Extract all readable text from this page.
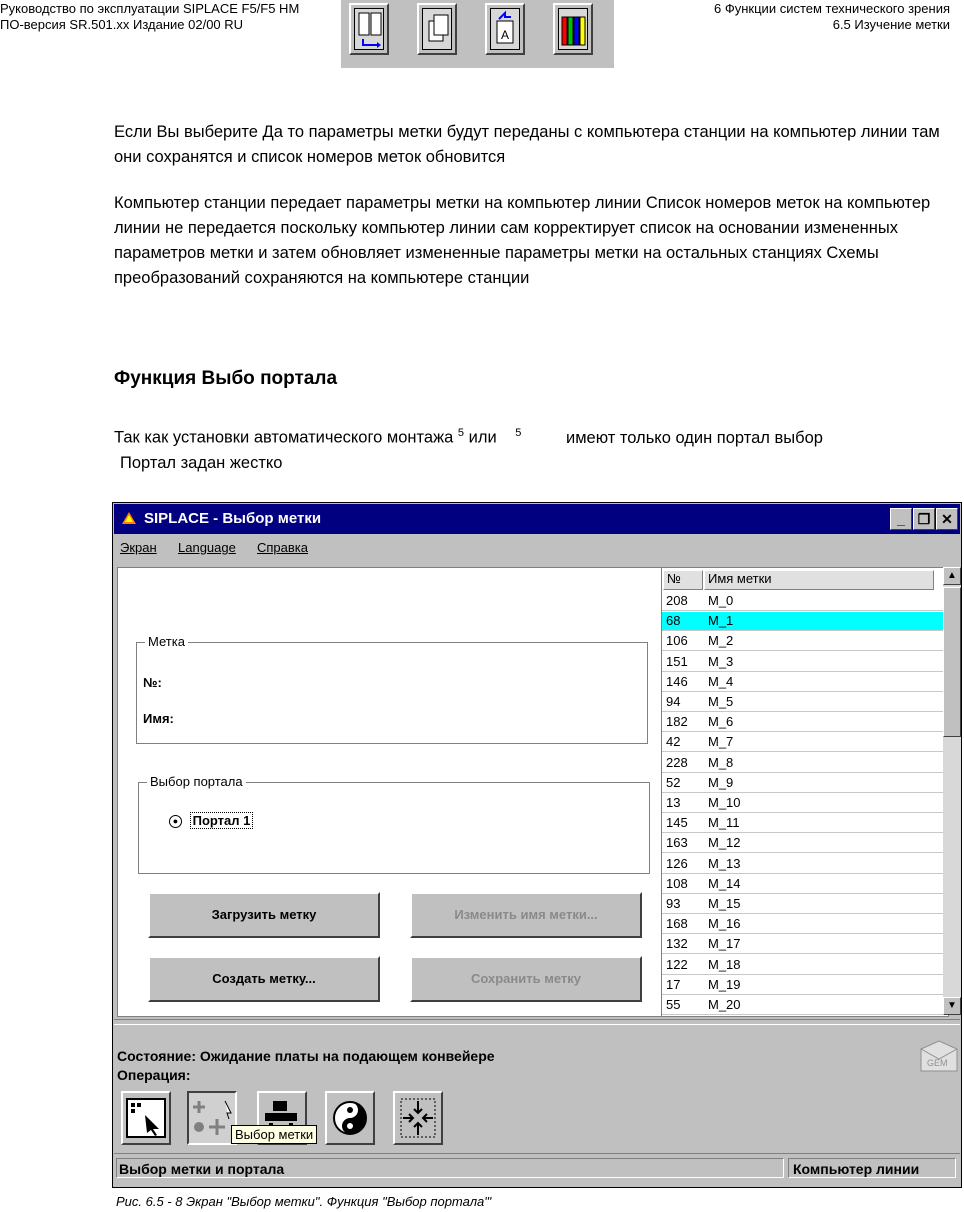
Руководство по эксплуатации SIPLACE F5/F5 HM
ПО-версия SR.501.xx Издание 02/00 RU
6 Функции систем технического зрения
6.5 Изучение метки
A
Если Вы выберите Да то параметры метки будут переданы с компьютера станции на компьютер линии там они сохранятся и список номеров меток обновится
Компьютер станции передает параметры метки на компьютер линии Список номеров меток на компьютер линии не передается поскольку компьютер линии сам корректирует список на основании измененных параметров метки и затем обновляет измененные параметры метки на остальных станциях Схемы преобразований сохраняются на компьютере станции
Функция Выбо портала
Так как установки автоматического монтажа $^5$ или $^5$	имеют только один портал выбор
Портал задан жестко
SIPLACE - Выбор метки	_ ❐ ✕
Экран Language Справка
Метка
№:
Имя:
Выбор портала
● Портал 1
Загрузить метку	Изменить имя метки...
Создать метку...	Сохранить метку
№	Имя метки
208 M_0
68 M_1
106 M_2
151 M_3
146 M_4
94 M_5
182 M_6
42 M_7
228 M_8
52 M_9
13 M_10
145 M_11
163 M_12
126 M_13
108 M_14
93 M_15
168 M_16
132 M_17
122 M_18
17 M_19
55 M_20
▲
▼
Состояние: Ожидание платы на подающем конвейере
Операция:
GEM
Выбор метки
Выбор метки и портала	Компьютер линии
Рис. 6.5 - 8 Экран "Выбор метки". Функция "Выбор портала"'
